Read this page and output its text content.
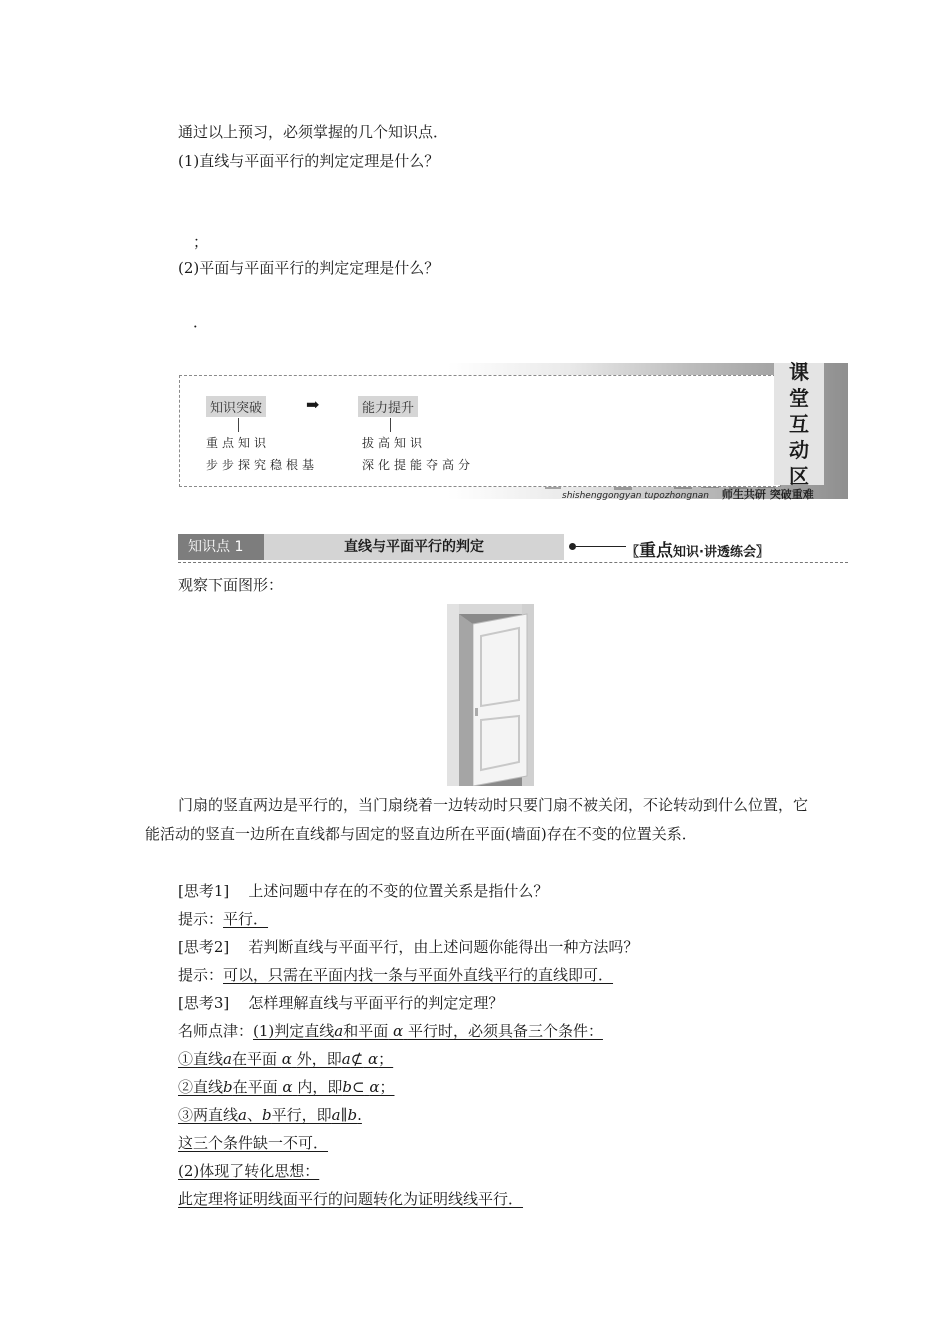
通过以上预习，必须掌握的几个知识点．
(1)直线与平面平行的判定定理是什么？
；
(2)平面与平面平行的判定定理是什么？
．
知识突破	➡	能力提升
重点知识
步步探究稳根基
拔高知识
深化提能夺高分
课
堂
互
动
区
shishenggongyan tupozhongnan 师生共研 突破重难
知识点 1	直线与平面平行的判定	〖重点知识·讲透练会〗
观察下面图形：
门扇的竖直两边是平行的，当门扇绕着一边转动时只要门扇不被关闭，不论转动到什么位置，它能活动的竖直一边所在直线都与固定的竖直边所在平面(墙面)存在不变的位置关系．
[思考1] 上述问题中存在的不变的位置关系是指什么？
提示：平行．
[思考2] 若判断直线与平面平行，由上述问题你能得出一种方法吗？
提示：可以，只需在平面内找一条与平面外直线平行的直线即可．
[思考3] 怎样理解直线与平面平行的判定定理？
名师点津：(1)判定直线a和平面 α 平行时，必须具备三个条件：
①直线a在平面 α 外，即a⊄ α；
②直线b在平面 α 内，即b⊂ α；
③两直线a、b平行，即a∥b.
这三个条件缺一不可．
(2)体现了转化思想：
此定理将证明线面平行的问题转化为证明线线平行．
